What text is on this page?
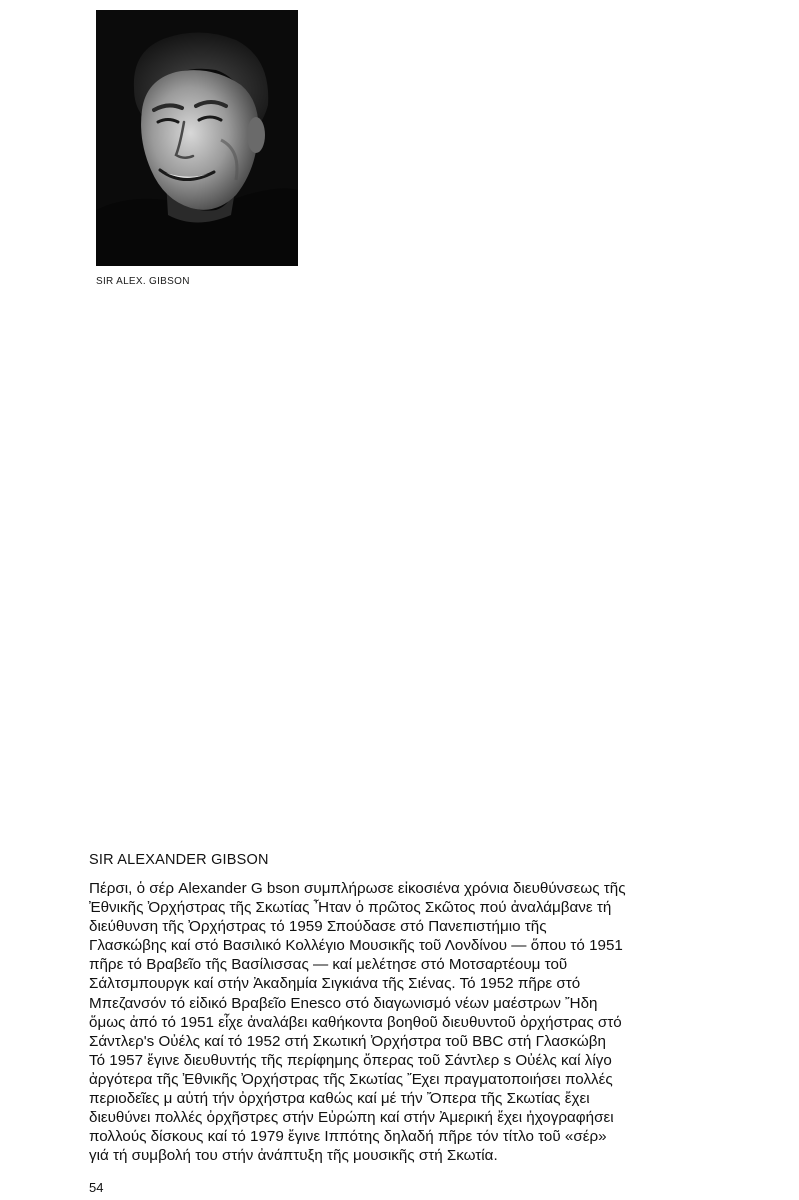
SIR ALEX. GIBSON
SIR ALEXANDER GIBSON
Πέρσι, ὁ σέρ Alexander G bson συμπλήρωσε εἰκοσιένα χρόνια διευθύνσεως τῆς
Ἐθνικῆς Ὀρχήστρας τῆς Σκωτίας Ἦταν ὁ πρῶτος Σκῶτος πού ἀναλάμβανε τή
διεύθυνση τῆς Ὀρχήστρας τό 1959 Σπούδασε στό Πανεπιστήμιο τῆς
Γλασκώβης καί στό Βασιλικό Κολλέγιο Μουσικῆς τοῦ Λονδίνου — ὅπου τό 1951
πῆρε τό Βραβεῖο τῆς Βασίλισσας — καί μελέτησε στό Μοτσαρτέουμ τοῦ
Σάλτσμπουργκ καί στήν Ἀκαδημία Σιγκιάνα τῆς Σιένας. Τό 1952 πῆρε στό
Μπεζανσόν τό εἰδικό Βραβεῖο Enesco στό διαγωνισμό νέων μαέστρων Ἤδη
ὅμως ἀπό τό 1951 εἶχε ἀναλάβει καθήκοντα βοηθοῦ διευθυντοῦ ὀρχήστρας στό
Σάντλερ's Οὐέλς καί τό 1952 στή Σκωτική Ὀρχήστρα τοῦ BBC στή Γλασκώβη
Τό 1957 ἔγινε διευθυντής τῆς περίφημης ὄπερας τοῦ Σάντλερ s Οὐέλς καί λίγο
ἀργότερα τῆς Ἐθνικῆς Ὀρχήστρας τῆς Σκωτίας Ἔχει πραγματοποιήσει πολλές
περιοδεῖες μ αὐτή τήν ὀρχήστρα καθώς καί μέ τήν Ὄπερα τῆς Σκωτίας ἔχει
διευθύνει πολλές ὀρχῆστρες στήν Εὐρώπη καί στήν Ἀμερική ἔχει ἠχογραφήσει
πολλούς δίσκους καί τό 1979 ἔγινε Ιππότης δηλαδή πῆρε τόν τίτλο τοῦ «σέρ»
γιά τή συμβολή του στήν ἀνάπτυξη τῆς μουσικῆς στή Σκωτία.
54
